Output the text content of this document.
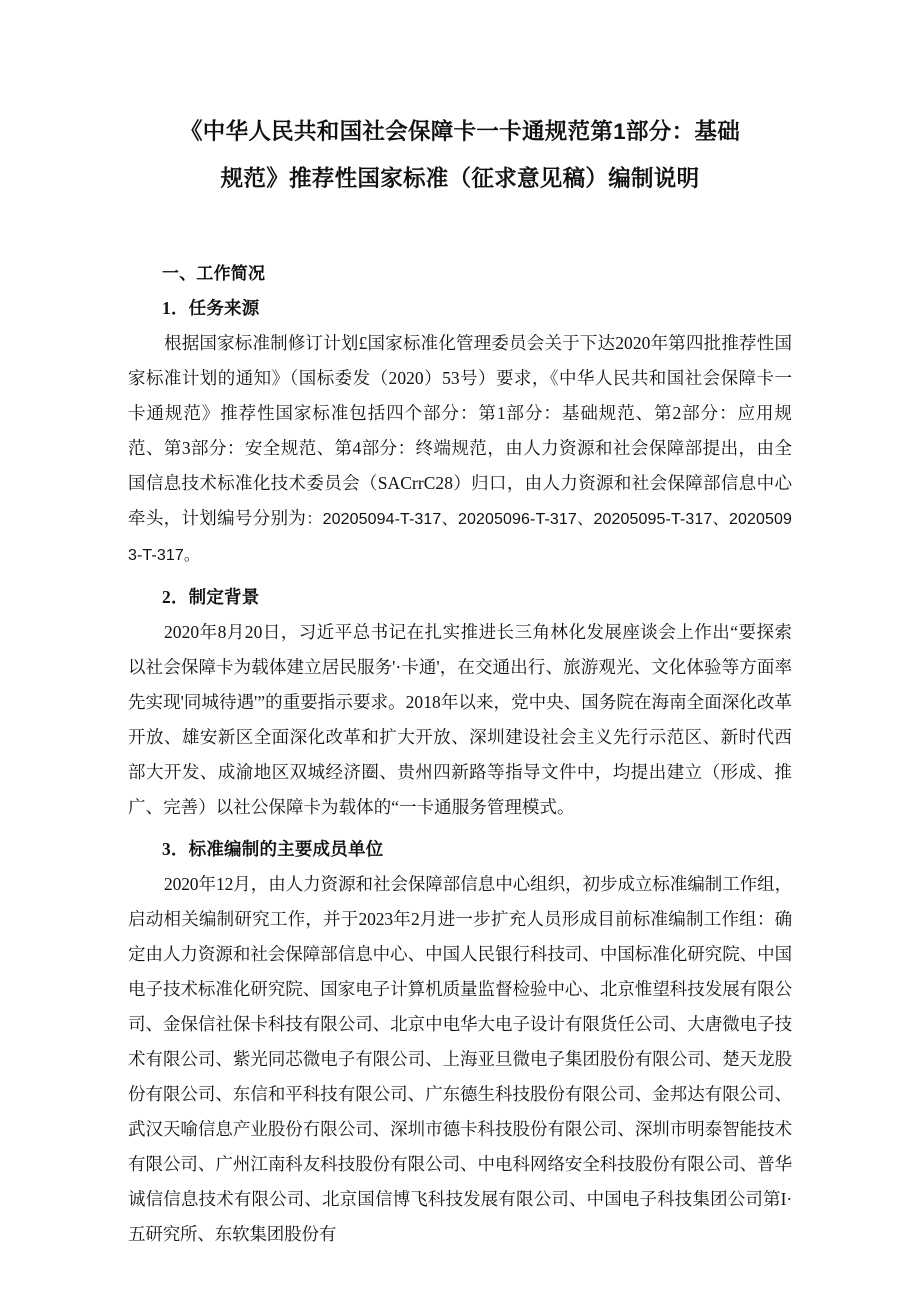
《中华人民共和国社会保障卡一卡通规范第1部分：基础
规范》推荐性国家标准（征求意见稿）编制说明
一、工作简况
1．任务来源

根据国家标准制修订计划£国家标准化管理委员会关于下达2020年第四批推荐性国家标准计划的通知》（国标委发（2020）53号）要求，《中华人民共和国社会保障卡一卡通规范》推荐性国家标准包括四个部分：第1部分：基础规范、第2部分：应用规范、第3部分：安全规范、第4部分：终端规范，由人力资源和社会保障部提出，由全国信息技术标准化技术委员会（SACrrC28）归口，由人力资源和社会保障部信息中心牵头，计划编号分别为：20205094-T-317、20205096-T-317、20205095-T-317、20205093-T-317。

2．制定背景

2020年8月20日，习近平总书记在扎实推进长三角林化发展座谈会上作出“要探索以社会保障卡为载体建立居民服务'·卡通'，在交通出行、旅游观光、文化体验等方面率先实现'同城待遇'”的重要指示要求。2018年以来，党中央、国务院在海南全面深化改革开放、雄安新区全面深化改革和扩大开放、深圳建设社会主义先行示范区、新时代西部大开发、成渝地区双城经济圈、贵州四新路等指导文件中，均提出建立（形成、推广、完善）以社公保障卡为载体的“一卡通服务管理模式。

3．标准编制的主要成员单位

2020年12月，由人力资源和社会保障部信息中心组织，初步成立标准编制工作组，启动相关编制研究工作，并于2023年2月进一步扩充人员形成目前标准编制工作组：确定由人力资源和社会保障部信息中心、中国人民银行科技司、中国标准化研究院、中国电子技术标准化研究院、国家电子计算机质量监督检验中心、北京惟望科技发展有限公司、金保信社保卡科技有限公司、北京中电华大电子设计有限货任公司、大唐微电子技术有限公司、紫光同芯微电子有限公司、上海亚旦微电子集团股份有限公司、楚天龙股份有限公司、东信和平科技有限公司、广东德生科技股份有限公司、金邦达有限公司、武汉天喻信息产业股份冇限公司、深圳市德卡科技股份有限公司、深圳市明泰智能技术有限公司、广州江南科友科技股份有限公司、中电科网络安全科技股份有限公司、普华诚信信息技术有限公司、北京国信博飞科技发展有限公司、中国电子科技集团公司第I·五研究所、东软集团股份有
